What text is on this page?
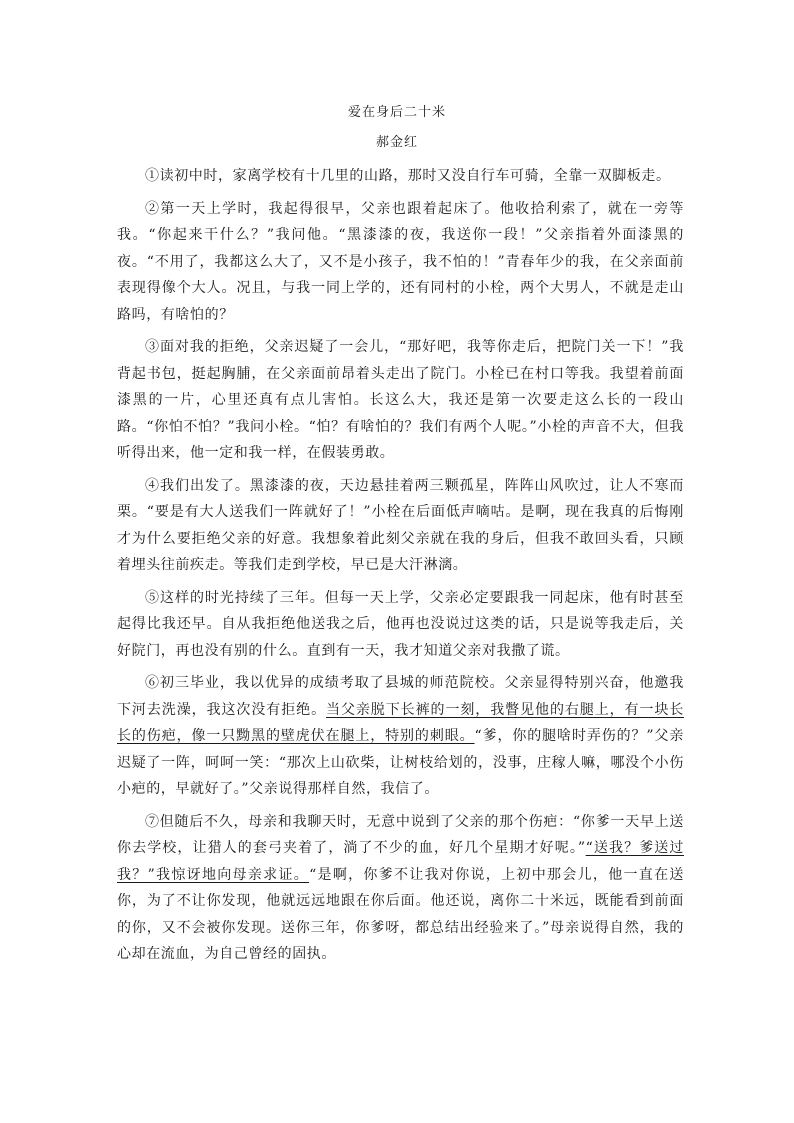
爱在身后二十米
郝金红

①读初中时，家离学校有十几里的山路，那时又没自行车可骑，全靠一双脚板走。

②第一天上学时，我起得很早，父亲也跟着起床了。他收拾利索了，就在一旁等我。“你起来干什么？”我问他。“黑漆漆的夜，我送你一段！”父亲指着外面漆黑的夜。“不用了，我都这么大了，又不是小孩子，我不怕的！”青春年少的我，在父亲面前表现得像个大人。况且，与我一同上学的，还有同村的小栓，两个大男人，不就是走山路吗，有啥怕的？

③面对我的拒绝，父亲迟疑了一会儿，“那好吧，我等你走后，把院门关一下！”我背起书包，挺起胸脯，在父亲面前昂着头走出了院门。小栓已在村口等我。我望着前面漆黑的一片，心里还真有点儿害怕。长这么大，我还是第一次要走这么长的一段山路。“你怕不怕？”我问小栓。“怕？有啥怕的？我们有两个人呢。”小栓的声音不大，但我听得出来，他一定和我一样，在假装勇敢。

④我们出发了。黑漆漆的夜，天边悬挂着两三颗孤星，阵阵山风吹过，让人不寒而栗。“要是有大人送我们一阵就好了！”小栓在后面低声嘀咕。是啊，现在我真的后悔刚才为什么要拒绝父亲的好意。我想象着此刻父亲就在我的身后，但我不敢回头看，只顾着埋头往前疾走。等我们走到学校，早已是大汗淋漓。

⑤这样的时光持续了三年。但每一天上学，父亲必定要跟我一同起床，他有时甚至起得比我还早。自从我拒绝他送我之后，他再也没说过这类的话，只是说等我走后，关好院门，再也没有别的什么。直到有一天，我才知道父亲对我撒了谎。

⑥初三毕业，我以优异的成绩考取了县城的师范院校。父亲显得特别兴奋，他邀我下河去洗澡，我这次没有拒绝。当父亲脱下长裤的一刻，我瞥见他的右腿上，有一块长长的伤疤，像一只黝黑的壁虎伏在腿上，特别的刺眼。“爹，你的腿啥时弄伤的？”父亲迟疑了一阵，呵呵一笑：“那次上山砍柴，让树枝给划的，没事，庄稼人嘛，哪没个小伤小疤的，早就好了。”父亲说得那样自然，我信了。

⑦但随后不久，母亲和我聊天时，无意中说到了父亲的那个伤疤：“你爹一天早上送你去学校，让猎人的套弓夹着了，淌了不少的血，好几个星期才好呢。”“送我？爹送过我？”我惊讶地向母亲求证。“是啊，你爹不让我对你说，上初中那会儿，他一直在送你，为了不让你发现，他就远远地跟在你后面。他还说，离你二十米远，既能看到前面的你，又不会被你发现。送你三年，你爹呀，都总结出经验来了。”母亲说得自然，我的心却在流血，为自己曾经的固执。
